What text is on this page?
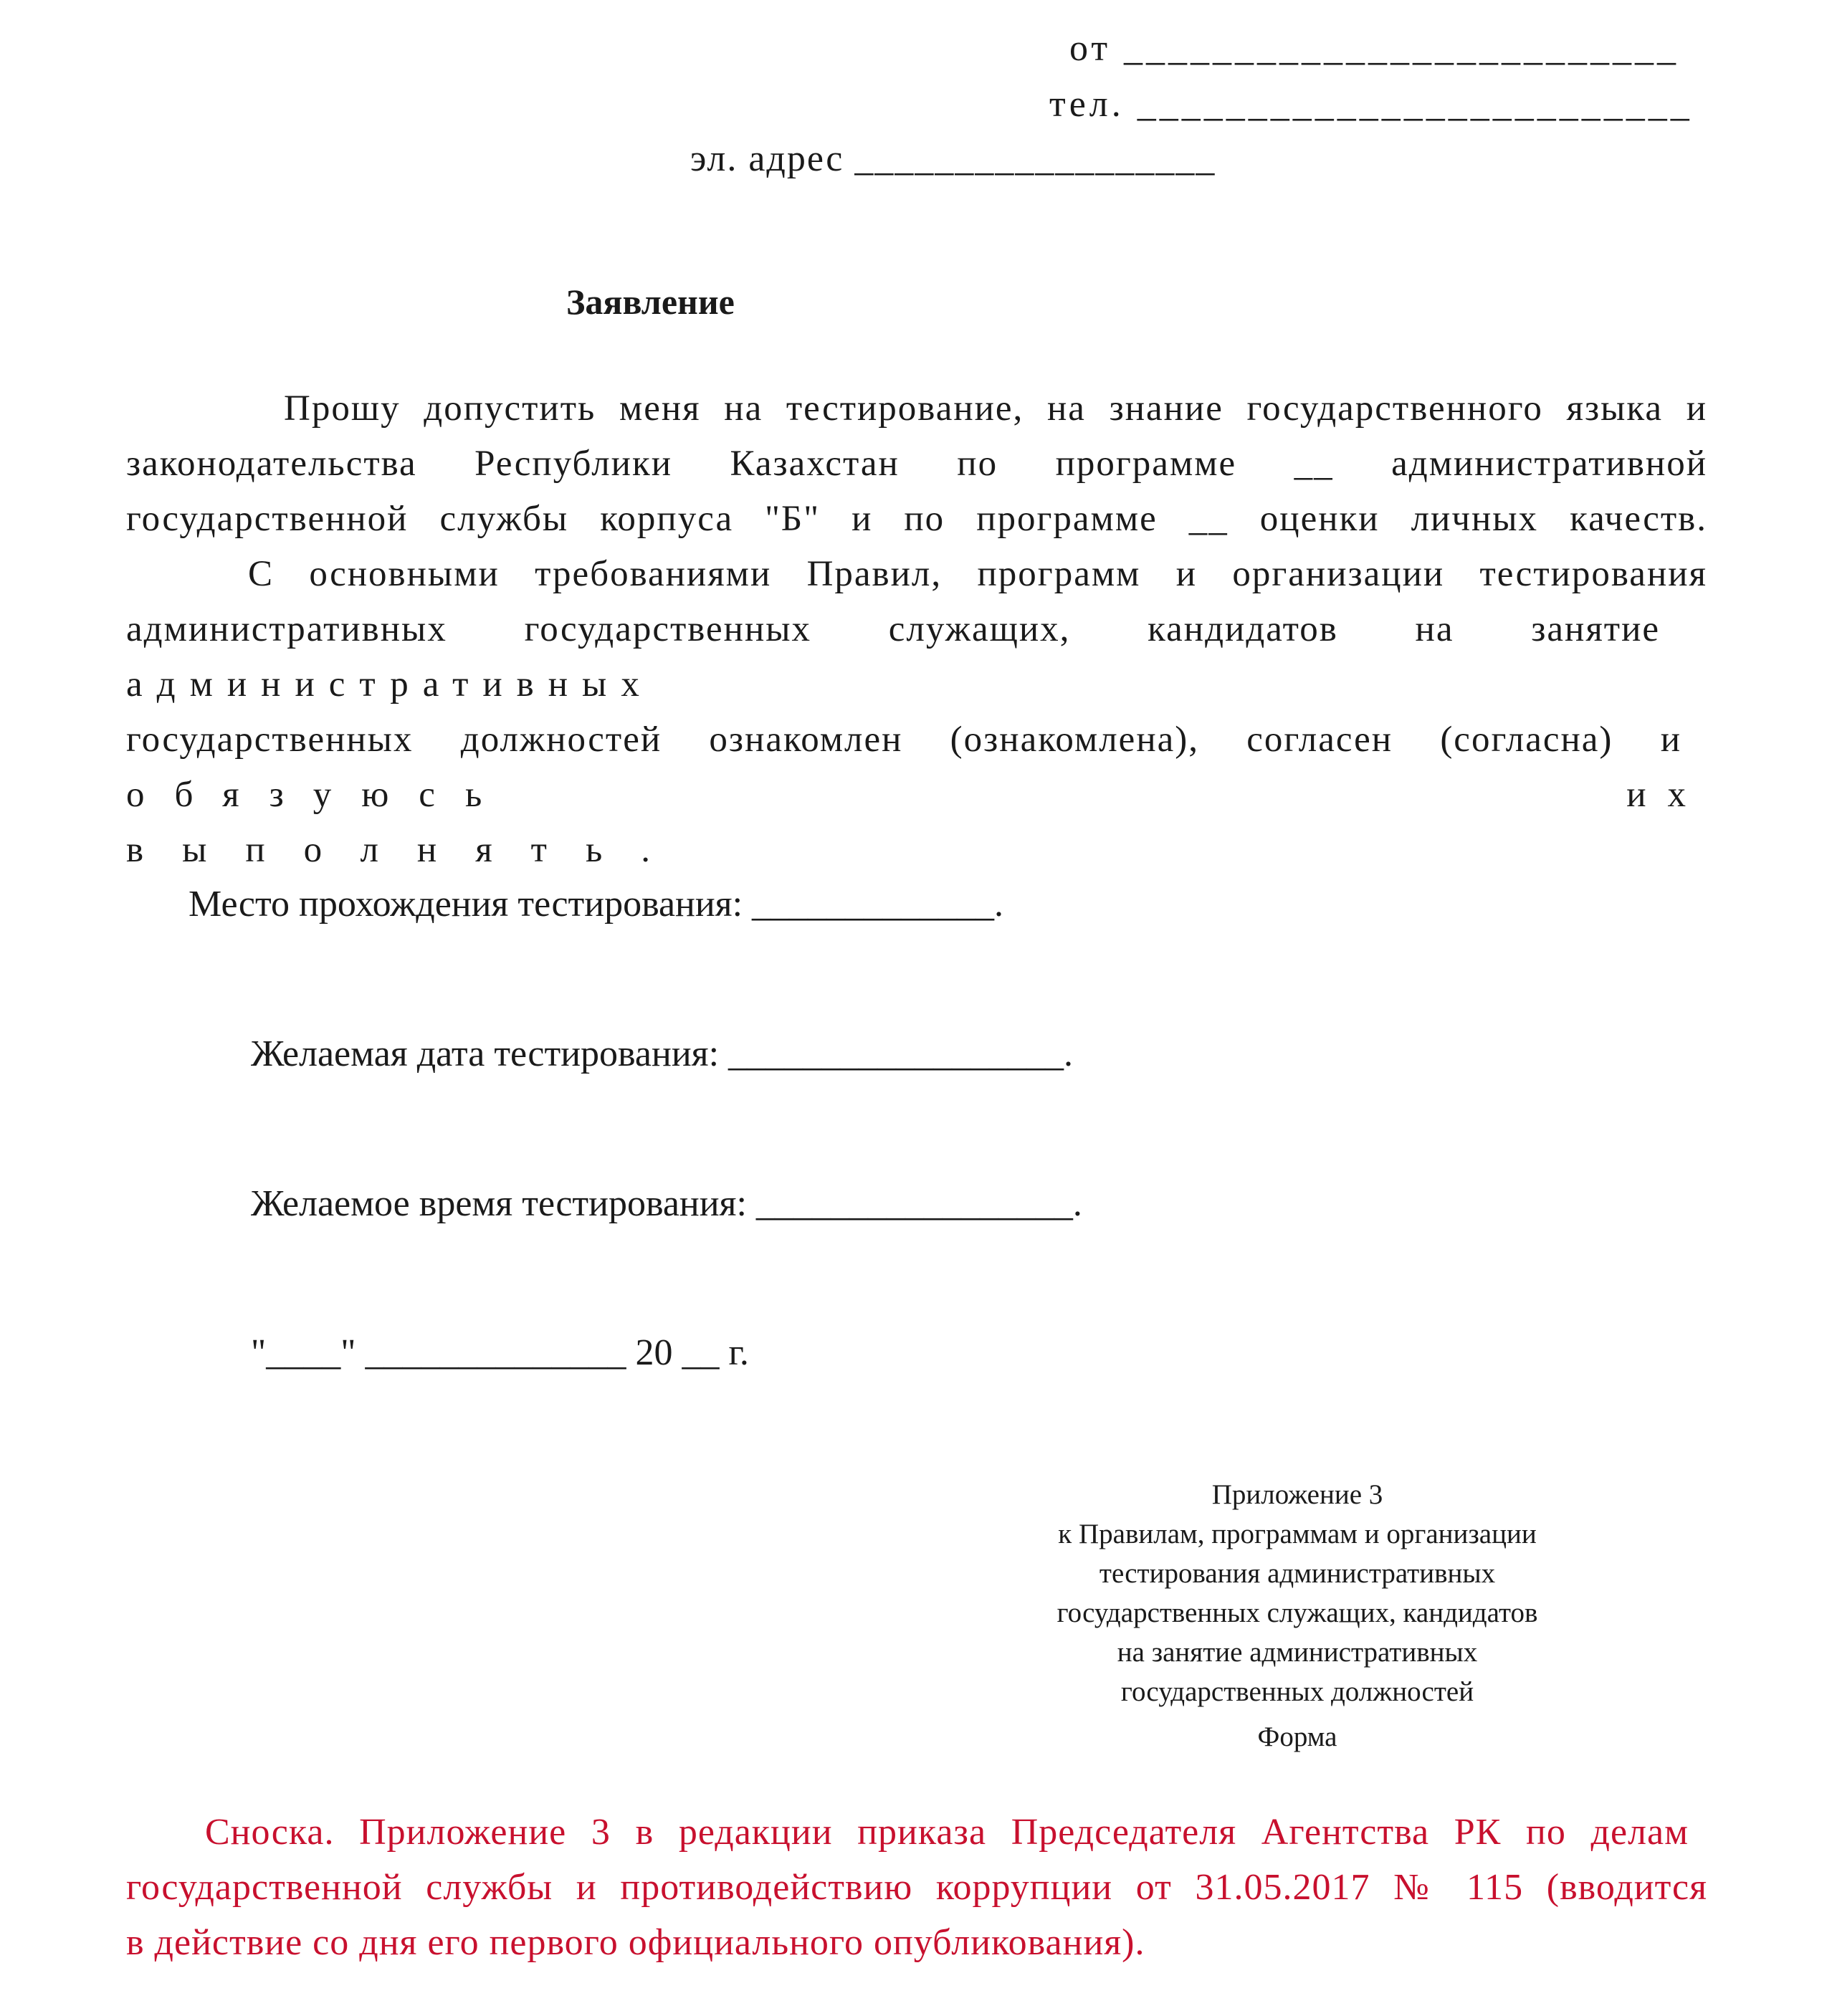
от _________________________
тел. _________________________
эл. адрес __________________
Заявление
Прошу допустить меня на тестирование, на знание государственного языка и
законодательства Республики Казахстан по программе __ административной
государственной службы корпуса "Б" и по программе __ оценки личных качеств.
С основными требованиями Правил, программ и организации тестирования
административных государственных служащих, кандидатов на занятие
административных
государственных должностей ознакомлен (ознакомлена), согласен (согласна) и
обязуюсь	их
выполнять.
Место прохождения тестирования: _____________.
Желаемая дата тестирования: __________________.
Желаемое время тестирования: _________________.
"____" ______________ 20 __ г.
Приложение 3
к Правилам, программам и организации
тестирования административных
государственных служащих, кандидатов
на занятие административных
государственных должностей
Форма
Сноска. Приложение 3 в редакции приказа Председателя Агентства РК по делам
государственной службы и противодействию коррупции от 31.05.2017 № 115 (вводится
в действие со дня его первого официального опубликования).
